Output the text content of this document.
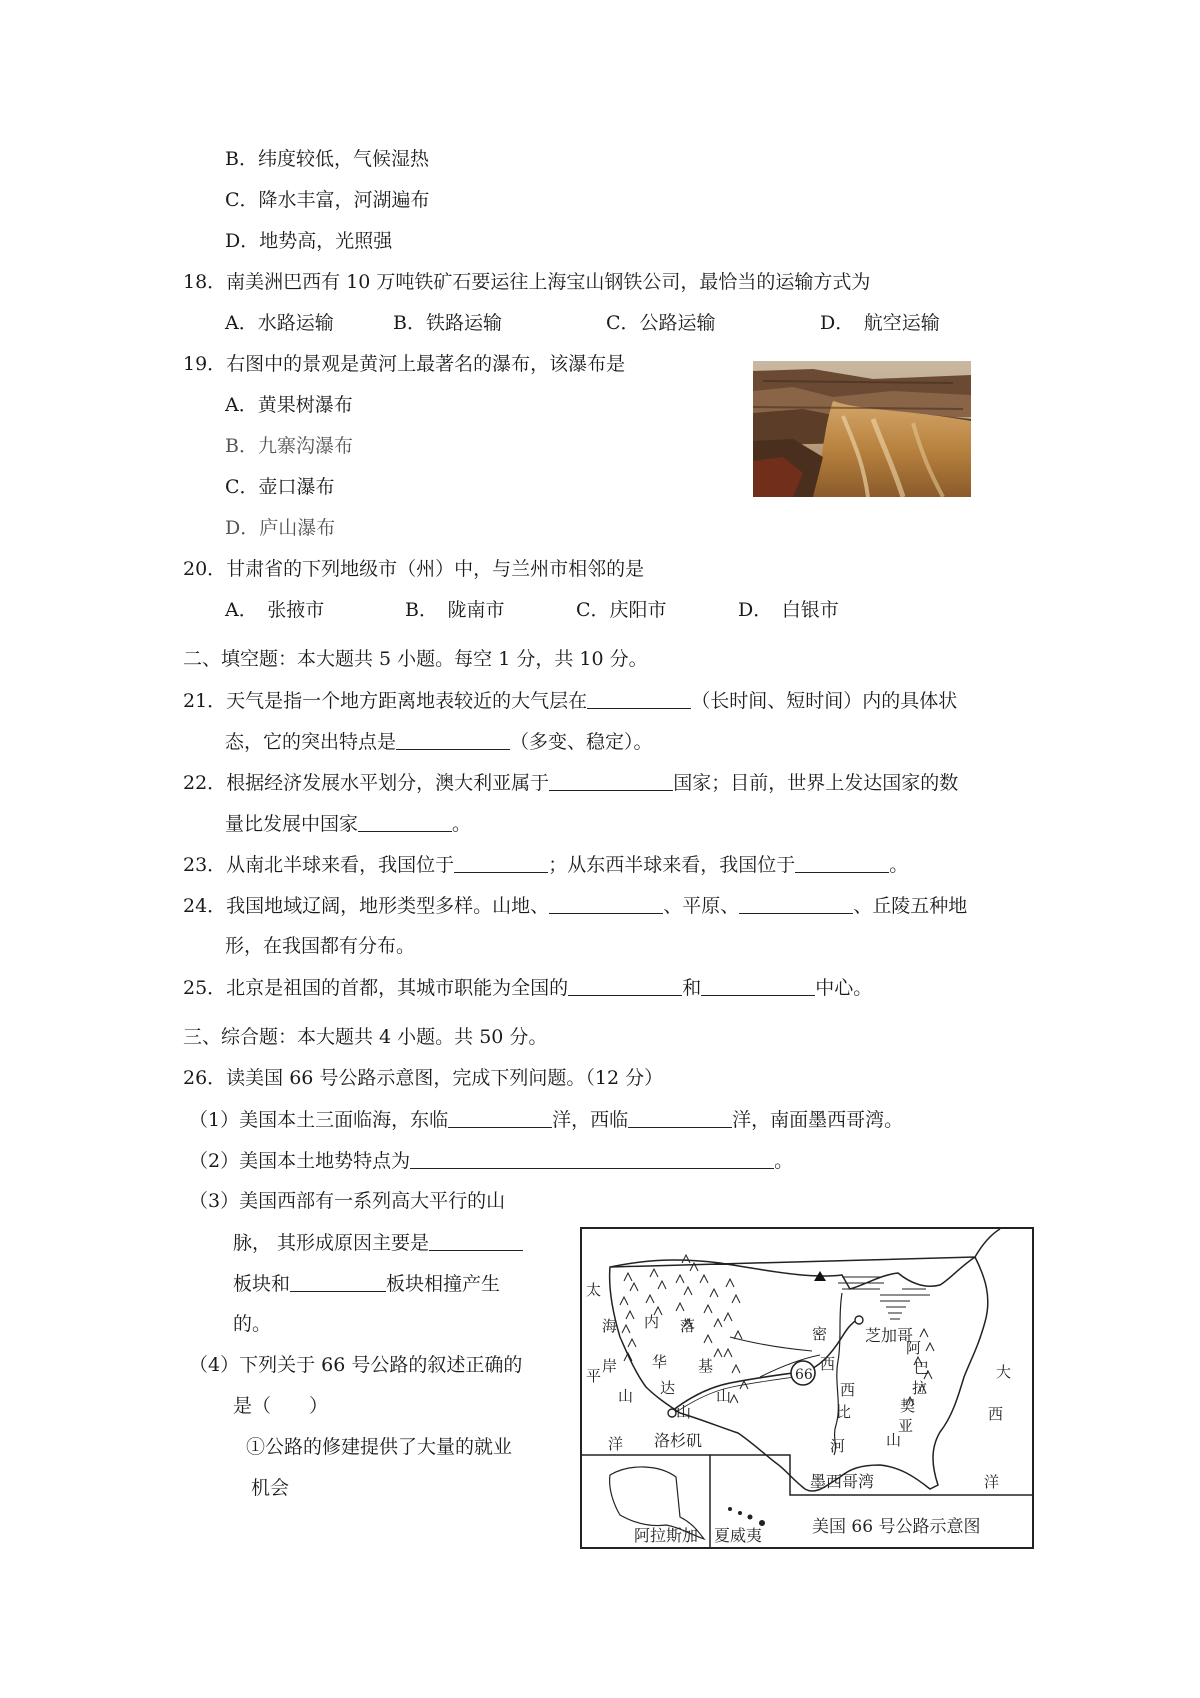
B．纬度较低，气候湿热
C．降水丰富，河湖遍布
D．地势高，光照强
18．南美洲巴西有 10 万吨铁矿石要运往上海宝山钢铁公司，最恰当的运输方式为
A．水路运输	B．铁路运输	C．公路运输	D．　航空运输
19．右图中的景观是黄河上最著名的瀑布，该瀑布是
A．黄果树瀑布
B．九寨沟瀑布
C．壶口瀑布
D．庐山瀑布
20．甘肃省的下列地级市（州）中，与兰州市相邻的是
A．　张掖市	B．　陇南市	C．庆阳市	D．　白银市
二、填空题：本大题共 5 小题。每空 1 分，共 10 分。
21．天气是指一个地方距离地表较近的大气层在	（长时间、短时间）内的具体状
态，它的突出特点是	（多变、稳定）。
22．根据经济发展水平划分，澳大利亚属于	国家；目前，世界上发达国家的数
量比发展中国家	。
23．从南北半球来看，我国位于	；从东西半球来看，我国位于	。
24．我国地域辽阔，地形类型多样。山地、	、平原、	、丘陵五种地
形，在我国都有分布。
25．北京是祖国的首都，其城市职能为全国的	和	中心。
三、综合题：本大题共 4 小题。共 50 分。
26．读美国 66 号公路示意图，完成下列问题。（12 分）
（1）美国本土三面临海，东临	洋，西临	洋，南面墨西哥湾。
（2）美国本土地势特点为	。
（3）美国西部有一系列高大平行的山
脉， 其形成原因主要是
板块和	板块相撞产生
的。
（4）下列关于 66 号公路的叙述正确的
是（　　）
①公路的修建提供了大量的就业
机会
66
太
平
洋
海
岸
山
内
华
达
山
落
基
山
密
西
西
比
河
阿
巴
拉
契
亚
山
大
西
洋
芝加哥
洛杉矶
墨西哥湾
阿拉斯加 夏威夷	美国 66 号公路示意图
